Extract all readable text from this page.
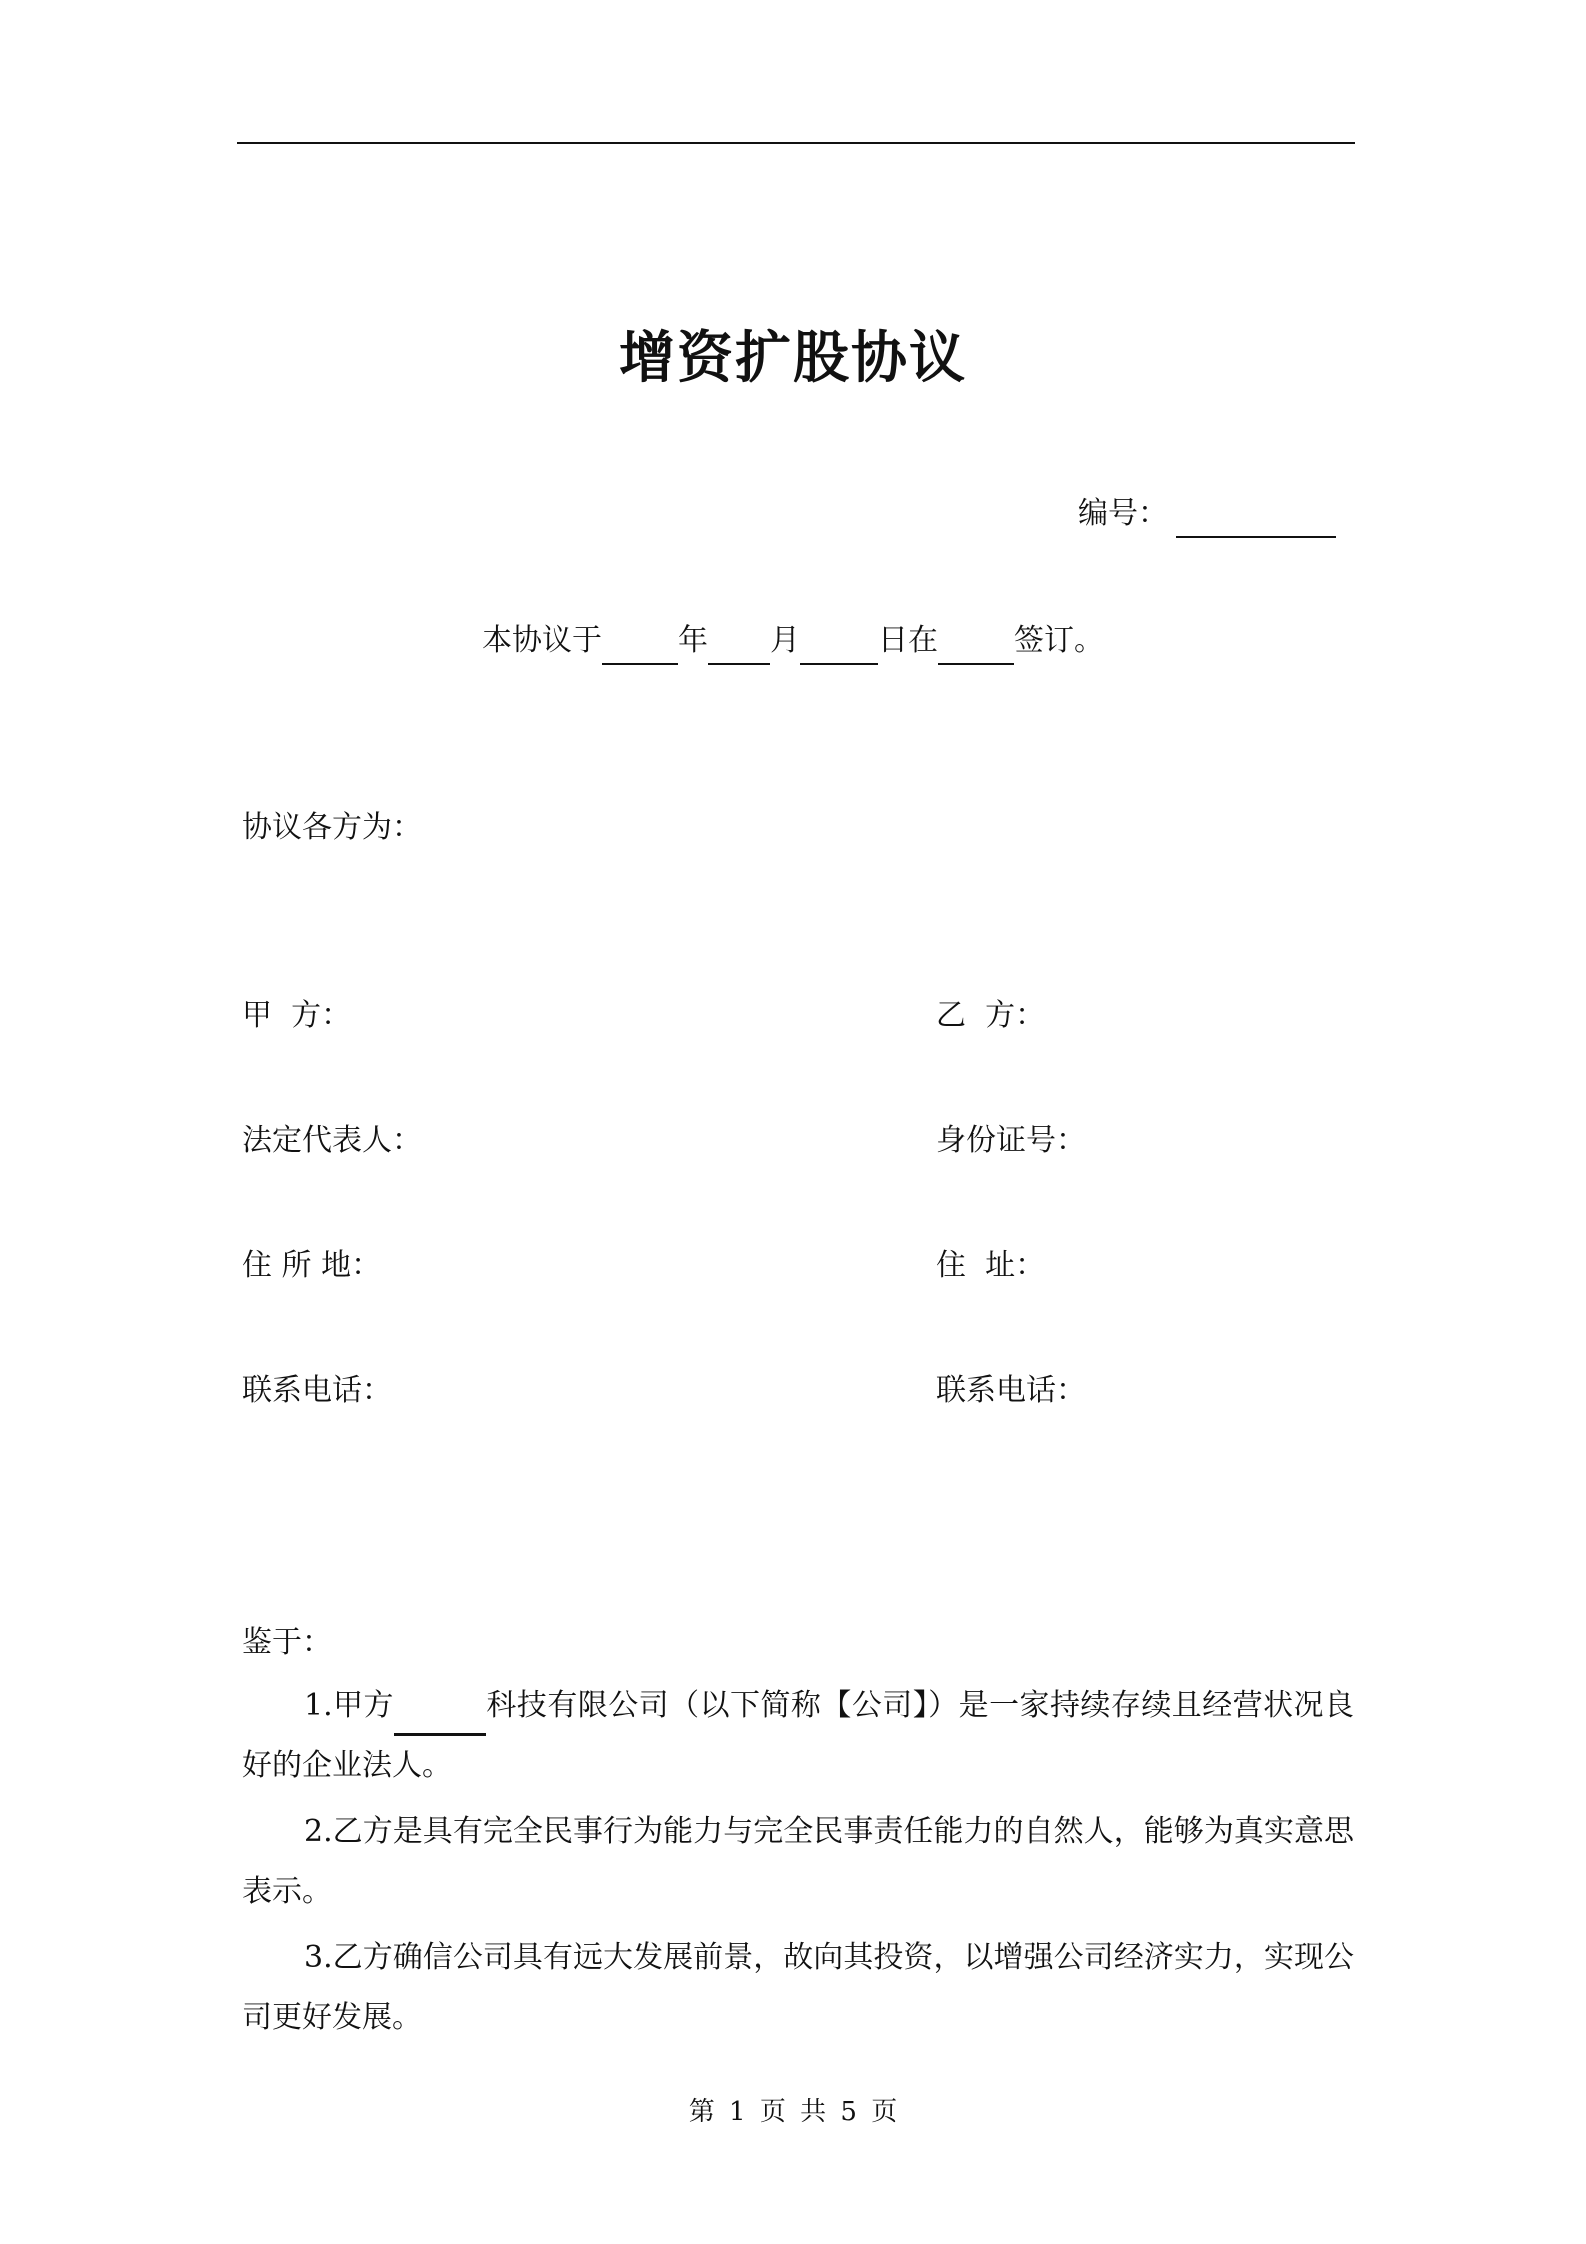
增资扩股协议
编号：
本协议于	年 月	日在	签订。
协议各方为：
甲  方：	乙  方：
法定代表人：	身份证号：
住 所 地：	住  址：
联系电话：	联系电话：
鉴于：

1.甲方	科技有限公司（以下简称【公司】）是一家持续存续且经营状况良好的企业法人。

2.乙方是具有完全民事行为能力与完全民事责任能力的自然人，能够为真实意思表示。

3.乙方确信公司具有远大发展前景，故向其投资，以增强公司经济实力，实现公司更好发展。

第 1 页 共 5 页
